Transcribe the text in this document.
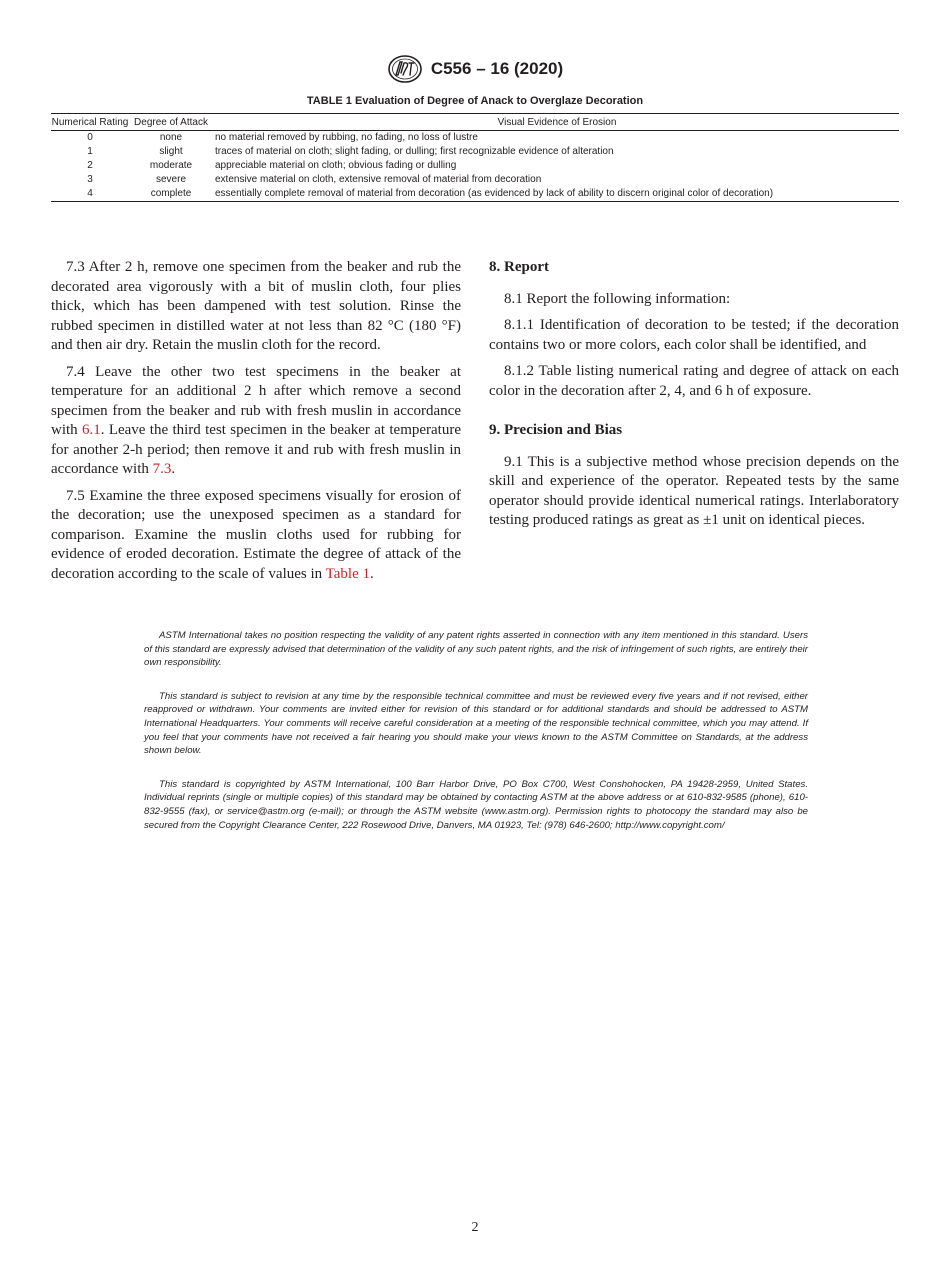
C556 – 16 (2020)
TABLE 1 Evaluation of Degree of Anack to Overglaze Decoration
Numerical Rating	Degree of Attack	Visual Evidence of Erosion
0	none	no material removed by rubbing, no fading, no loss of lustre
1	slight	traces of material on cloth; slight fading, or dulling; first recognizable evidence of alteration
2	moderate	appreciable material on cloth; obvious fading or dulling
3	severe	extensive material on cloth, extensive removal of material from decoration
4	complete	essentially complete removal of material from decoration (as evidenced by lack of ability to discern original color of decoration)

7.3 After 2 h, remove one specimen from the beaker and rub the decorated area vigorously with a bit of muslin cloth, four plies thick, which has been dampened with test solution. Rinse the rubbed specimen in distilled water at not less than 82 °C (180 °F) and then air dry. Retain the muslin cloth for the record.

7.4 Leave the other two test specimens in the beaker at temperature for an additional 2 h after which remove a second specimen from the beaker and rub with fresh muslin in accordance with 6.1. Leave the third test specimen in the beaker at temperature for another 2-h period; then remove it and rub with fresh muslin in accordance with 7.3.

7.5 Examine the three exposed specimens visually for erosion of the decoration; use the unexposed specimen as a standard for comparison. Examine the muslin cloths used for rubbing for evidence of eroded decoration. Estimate the degree of attack of the decoration according to the scale of values in Table 1.

8. Report

8.1 Report the following information:

8.1.1 Identification of decoration to be tested; if the decoration contains two or more colors, each color shall be identified, and

8.1.2 Table listing numerical rating and degree of attack on each color in the decoration after 2, 4, and 6 h of exposure.

9. Precision and Bias

9.1 This is a subjective method whose precision depends on the skill and experience of the operator. Repeated tests by the same operator should provide identical numerical ratings. Interlaboratory testing produced ratings as great as ±1 unit on identical pieces.

ASTM International takes no position respecting the validity of any patent rights asserted in connection with any item mentioned in this standard. Users of this standard are expressly advised that determination of the validity of any such patent rights, and the risk of infringement of such rights, are entirely their own responsibility.

This standard is subject to revision at any time by the responsible technical committee and must be reviewed every five years and if not revised, either reapproved or withdrawn. Your comments are invited either for revision of this standard or for additional standards and should be addressed to ASTM International Headquarters. Your comments will receive careful consideration at a meeting of the responsible technical committee, which you may attend. If you feel that your comments have not received a fair hearing you should make your views known to the ASTM Committee on Standards, at the address shown below.

This standard is copyrighted by ASTM International, 100 Barr Harbor Drive, PO Box C700, West Conshohocken, PA 19428-2959, United States. Individual reprints (single or multiple copies) of this standard may be obtained by contacting ASTM at the above address or at 610-832-9585 (phone), 610-832-9555 (fax), or service@astm.org (e-mail); or through the ASTM website (www.astm.org). Permission rights to photocopy the standard may also be secured from the Copyright Clearance Center, 222 Rosewood Drive, Danvers, MA 01923, Tel: (978) 646-2600; http://www.copyright.com/

2
